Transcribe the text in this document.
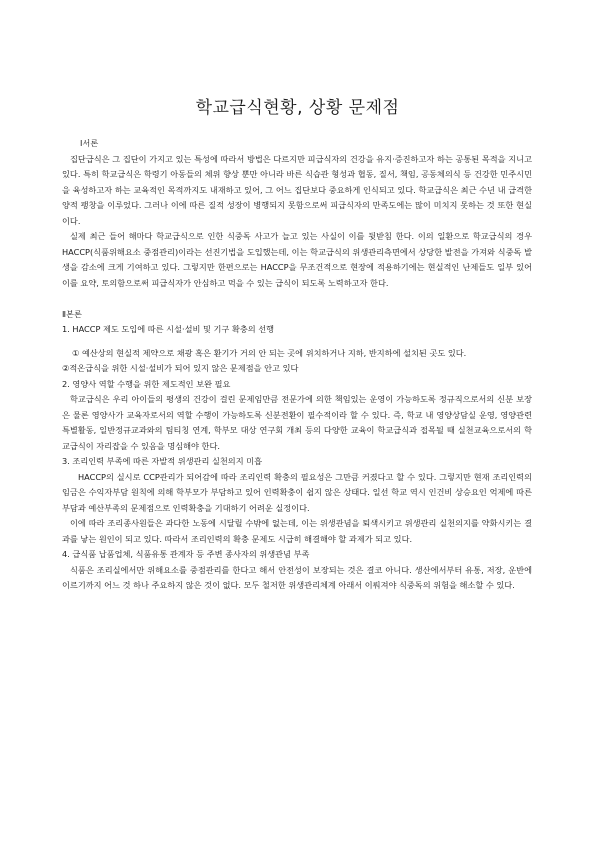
학교급식현황, 상황 문제점

Ⅰ서론

집단급식은 그 집단이 가지고 있는 특성에 따라서 방법은 다르지만 피급식자의 건강을 유지·증진하고자 하는 공통된 목적을 지니고 있다. 특히 학교급식은 학령기 아동들의 체위 향상 뿐만 아니라 바른 식습관 형성과 협동, 질서, 책임, 공동체의식 등 건강한 민주시민을 육성하고자 하는 교육적인 목적까지도 내재하고 있어, 그 어느 집단보다 중요하게 인식되고 있다. 학교급식은 최근 수년 내 급격한 양적 팽창을 이루었다. 그러나 이에 따른 질적 성장이 병행되지 못함으로써 피급식자의 만족도에는 많이 미치지 못하는 것 또한 현실이다.

실제 최근 들어 해마다 학교급식으로 인한 식중독 사고가 늘고 있는 사실이 이를 뒷받침 한다. 이의 일환으로 학교급식의 경우 HACCP(식품위해요소 중점관리)이라는 선진기법을 도입했는데, 이는 학교급식의 위생관리측면에서 상당한 발전을 가져와 식중독 발생을 감소에 크게 기여하고 있다. 그렇지만 한편으로는 HACCP을 무조건적으로 현장에 적용하기에는 현실적인 난제들도 일부 있어 이를 요약, 토의함으로써 피급식자가 안심하고 먹을 수 있는 급식이 되도록 노력하고자 한다.

Ⅱ본론

1. HACCP 제도 도입에 따른 시설·설비 및 기구 확충의 선행

① 예산상의 현실적 제약으로 채광 혹은 환기가 거의 안 되는 곳에 위치하거나 지하, 반지하에 설치된 곳도 있다.

②적온급식을 위한 시설·설비가 되어 있지 않은 문제점을 안고 있다

2. 영양사 역할 수행을 위한 제도적인 보완 필요

학교급식은 우리 아이들의 평생의 건강이 걸린 문제임만큼 전문가에 의한 책임있는 운영이 가능하도록 정규직으로서의 신분 보장은 물론 영양사가 교육자로서의 역할 수행이 가능하도록 신분전환이 필수적이라 할 수 있다. 즉, 학교 내 영양상담실 운영, 영양관련 특별활동, 일반정규교과와의 팀티칭 연계, 학부모 대상 연구회 개최 등의 다양한 교육이 학교급식과 접목될 때 실천교육으로서의 학교급식이 자리잡을 수 있음을 명심해야 한다.

3. 조리인력 부족에 따른 자발적 위생관리 실천의지 미흡

HACCP의 실시로 CCP관리가 되어감에 따라 조리인력 확충의 필요성은 그만큼 커졌다고 할 수 있다. 그렇지만 현재 조리인력의 임금은 수익자부담 원칙에 의해 학부모가 부담하고 있어 인력확충이 쉽지 않은 상태다. 일선 학교 역시 인건비 상승요인 억제에 따른 부담과 예산부족의 문제점으로 인력확충을 기대하기 어려운 실정이다.

이에 따라 조리종사원들은 과다한 노동에 시달릴 수밖에 없는데, 이는 위생관념을 퇴색시키고 위생관리 실천의지를 약화시키는 결과를 낳는 원인이 되고 있다. 따라서 조리인력의 확충 문제도 시급히 해결해야 할 과제가 되고 있다.

4. 급식품 납품업체, 식품유통 관계자 등 주변 종사자의 위생관념 부족

식품은 조리실에서만 위해요소를 중점관리를 한다고 해서 안전성이 보장되는 것은 결코 아니다. 생산에서부터 유통, 저장, 운반에 이르기까지 어느 것 하나 주요하지 않은 것이 없다. 모두 철저한 위생관리체계 아래서 이뤄져야 식중독의 위험을 해소할 수 있다.
